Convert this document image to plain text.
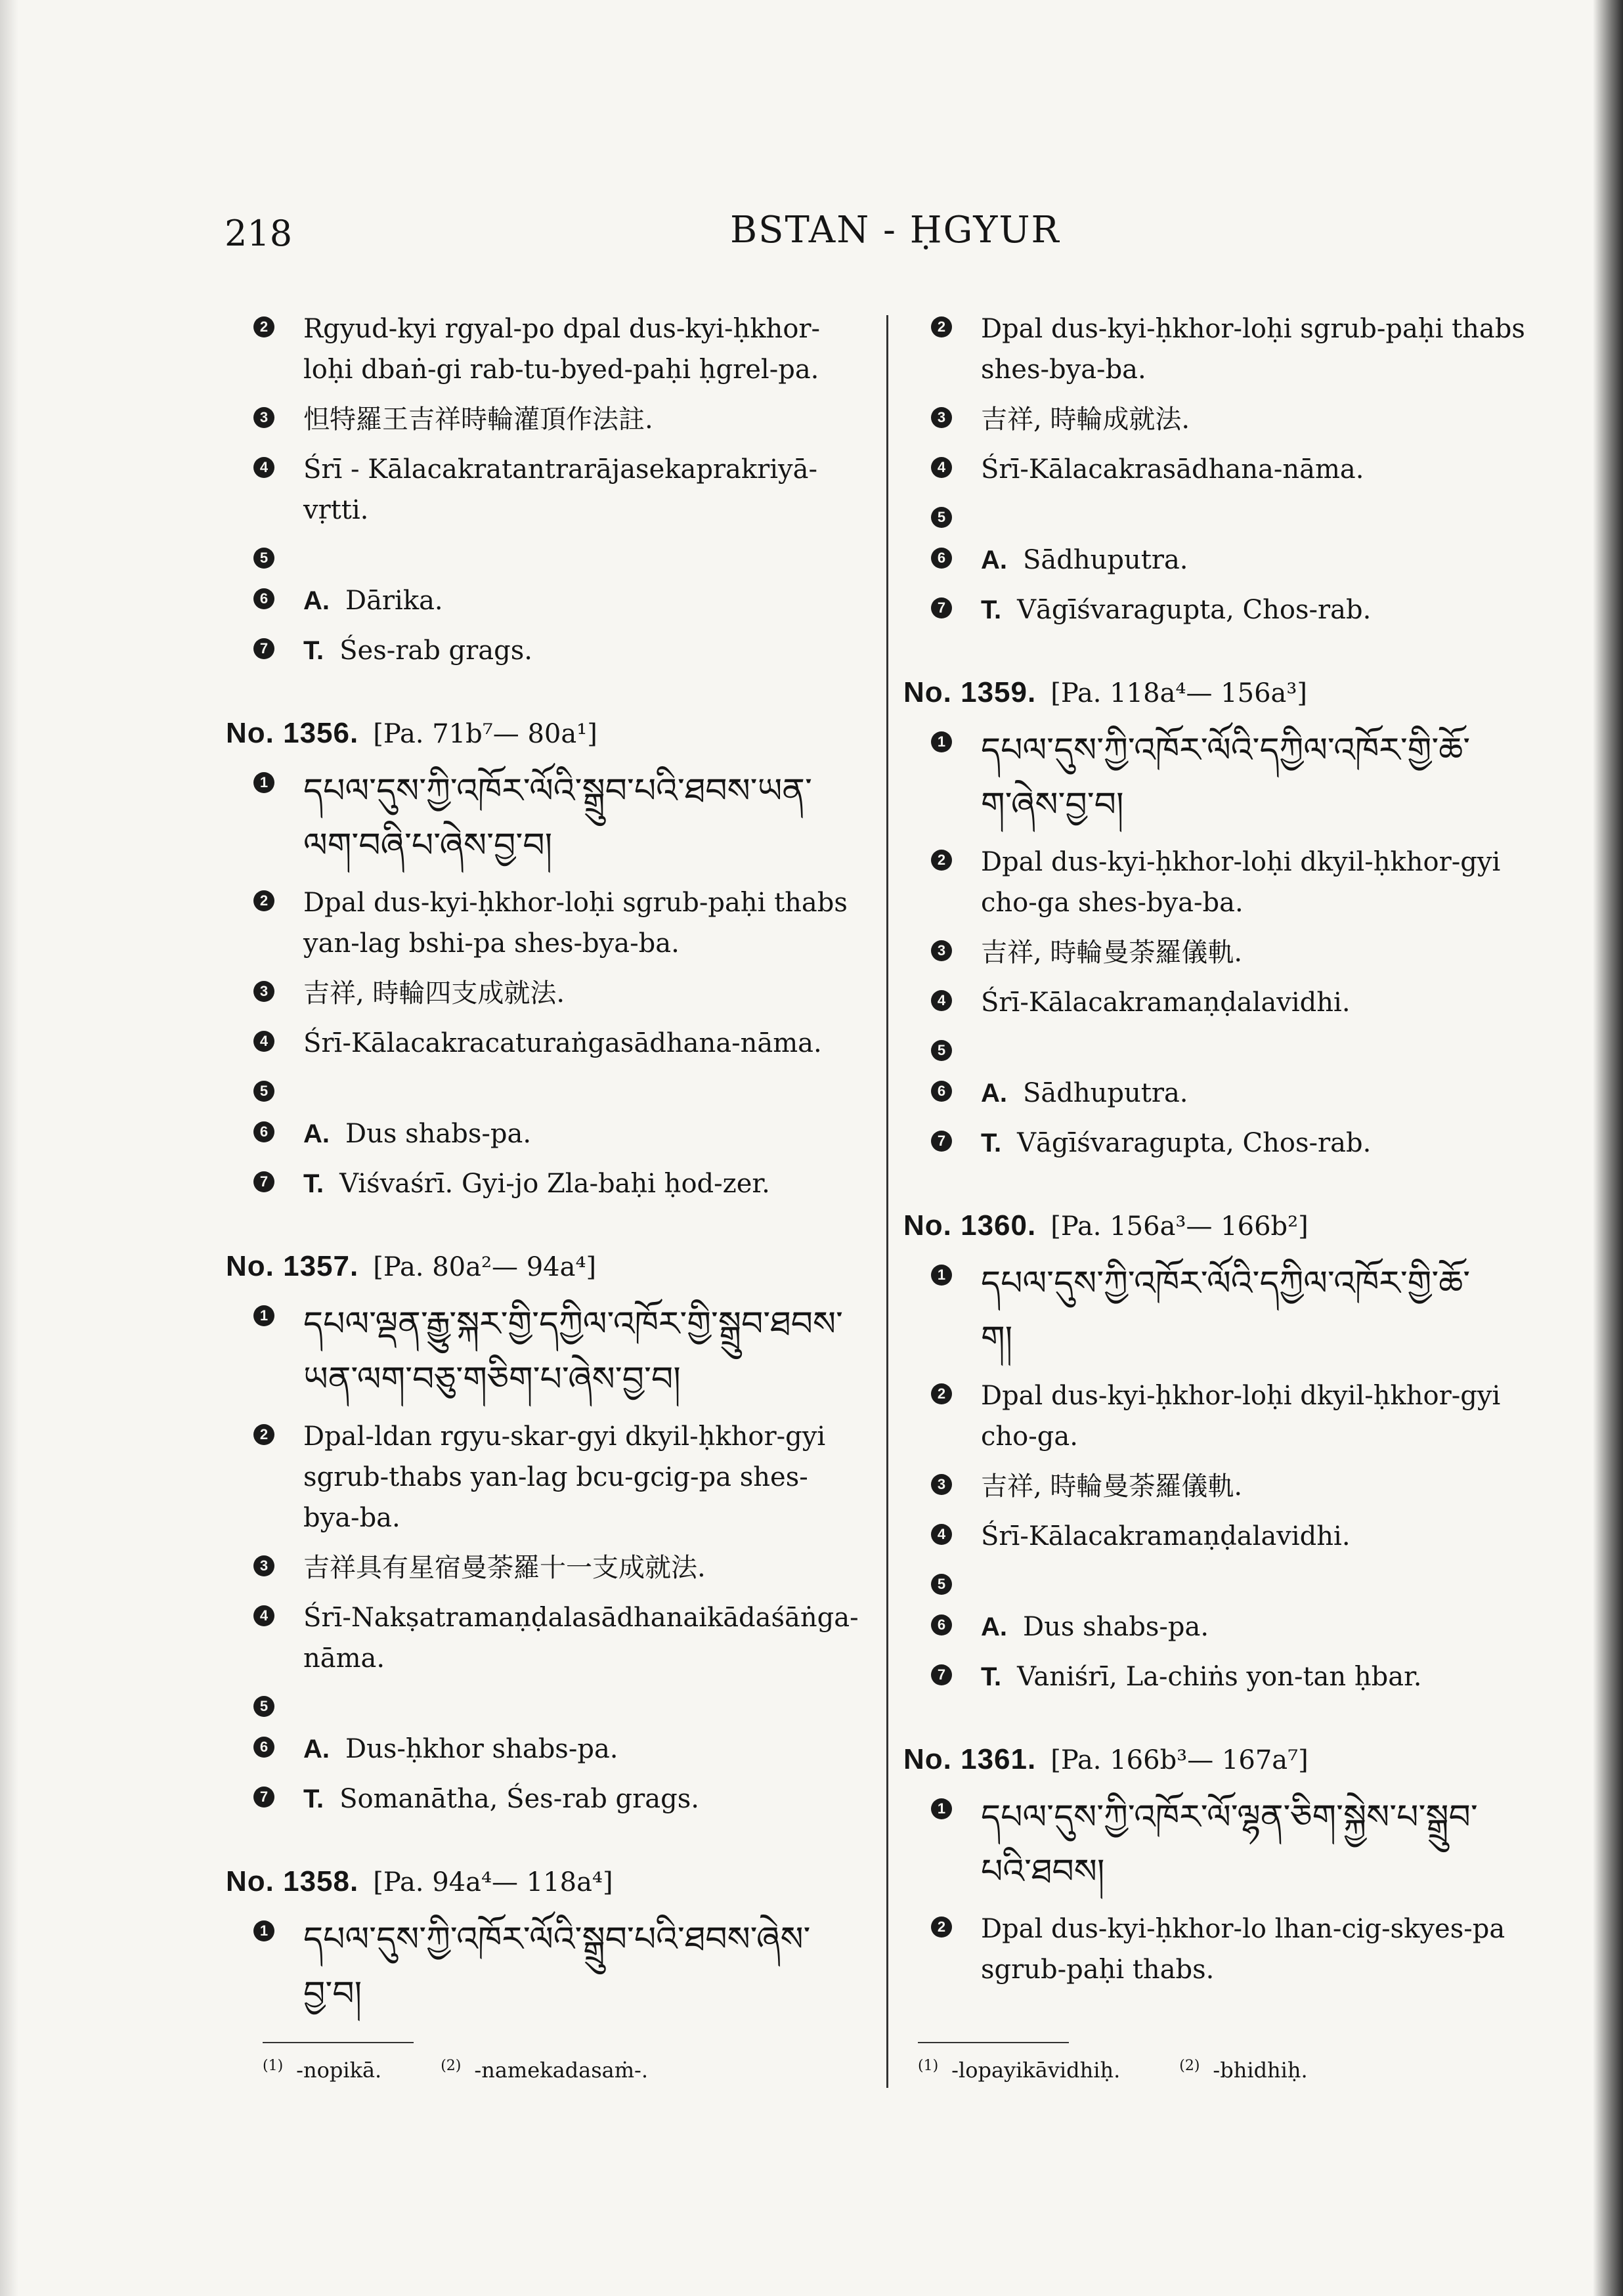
218	BSTAN - ḤGYUR
2 Rgyud-kyi rgyal-po dpal dus-kyi-ḥkhor-
loḥi dbaṅ-gi rab-tu-byed-paḥi ḥgrel-pa.
3 怛特羅王吉祥時輪灌頂作法註.
4 Śrī - Kālacakratantrarājasekaprakriyā-
vṛtti.
5
6 A. Dārika.
7 T. Śes-rab grags.
No. 1356. [Pa. 71b⁷— 80a¹]
1 དཔལ་དུས་ཀྱི་འཁོར་ལོའི་སྒྲུབ་པའི་ཐབས་ཡན་
ལག་བཞི་པ་ཞེས་བྱ་བ།
2 Dpal dus-kyi-ḥkhor-loḥi sgrub-paḥi thabs
yan-lag bshi-pa shes-bya-ba.
3 吉祥, 時輪四支成就法.
4 Śrī-Kālacakracaturaṅgasādhana-nāma.
5
6 A. Dus shabs-pa.
7 T. Viśvaśrī. Gyi-jo Zla-baḥi ḥod-zer.
No. 1357. [Pa. 80a²— 94a⁴]
1 དཔལ་ལྡན་རྒྱུ་སྐར་གྱི་དཀྱིལ་འཁོར་གྱི་སྒྲུབ་ཐབས་
ཡན་ལག་བཅུ་གཅིག་པ་ཞེས་བྱ་བ།
2 Dpal-ldan rgyu-skar-gyi dkyil-ḥkhor-gyi
sgrub-thabs yan-lag bcu-gcig-pa shes-
bya-ba.
3 吉祥具有星宿曼荼羅十一支成就法.
4 Śrī-Nakṣatramaṇḍalasādhanaikādaśāṅga-
nāma.
5
6 A. Dus-ḥkhor shabs-pa.
7 T. Somanātha, Śes-rab grags.
No. 1358. [Pa. 94a⁴— 118a⁴]
1 དཔལ་དུས་ཀྱི་འཁོར་ལོའི་སྒྲུབ་པའི་ཐབས་ཞེས་
བྱ་བ།
2 Dpal dus-kyi-ḥkhor-loḥi sgrub-paḥi thabs
shes-bya-ba.
3 吉祥, 時輪成就法.
4 Śrī-Kālacakrasādhana-nāma.
5
6 A. Sādhuputra.
7 T. Vāgīśvaragupta, Chos-rab.
No. 1359. [Pa. 118a⁴— 156a³]
1 དཔལ་དུས་ཀྱི་འཁོར་ལོའི་དཀྱིལ་འཁོར་གྱི་ཆོ་
ག་ཞེས་བྱ་བ།
2 Dpal dus-kyi-ḥkhor-loḥi dkyil-ḥkhor-gyi
cho-ga shes-bya-ba.
3 吉祥, 時輪曼荼羅儀軌.
4 Śrī-Kālacakramaṇḍalavidhi.
5
6 A. Sādhuputra.
7 T. Vāgīśvaragupta, Chos-rab.
No. 1360. [Pa. 156a³— 166b²]
1 དཔལ་དུས་ཀྱི་འཁོར་ལོའི་དཀྱིལ་འཁོར་གྱི་ཆོ་
ག།
2 Dpal dus-kyi-ḥkhor-loḥi dkyil-ḥkhor-gyi
cho-ga.
3 吉祥, 時輪曼荼羅儀軌.
4 Śrī-Kālacakramaṇḍalavidhi.
5
6 A. Dus shabs-pa.
7 T. Vaniśrī, La-chiṅs yon-tan ḥbar.
No. 1361. [Pa. 166b³— 167a⁷]
1 དཔལ་དུས་ཀྱི་འཁོར་ལོ་ལྷན་ཅིག་སྐྱེས་པ་སྒྲུབ་
པའི་ཐབས།
2 Dpal dus-kyi-ḥkhor-lo lhan-cig-skyes-pa
sgrub-paḥi thabs.
$^{(1)}$ -nopikā.	$^{(2)}$ -namekadasaṁ-.	$^{(1)}$ -lopayikāvidhiḥ.	$^{(2)}$ -bhidhiḥ.
